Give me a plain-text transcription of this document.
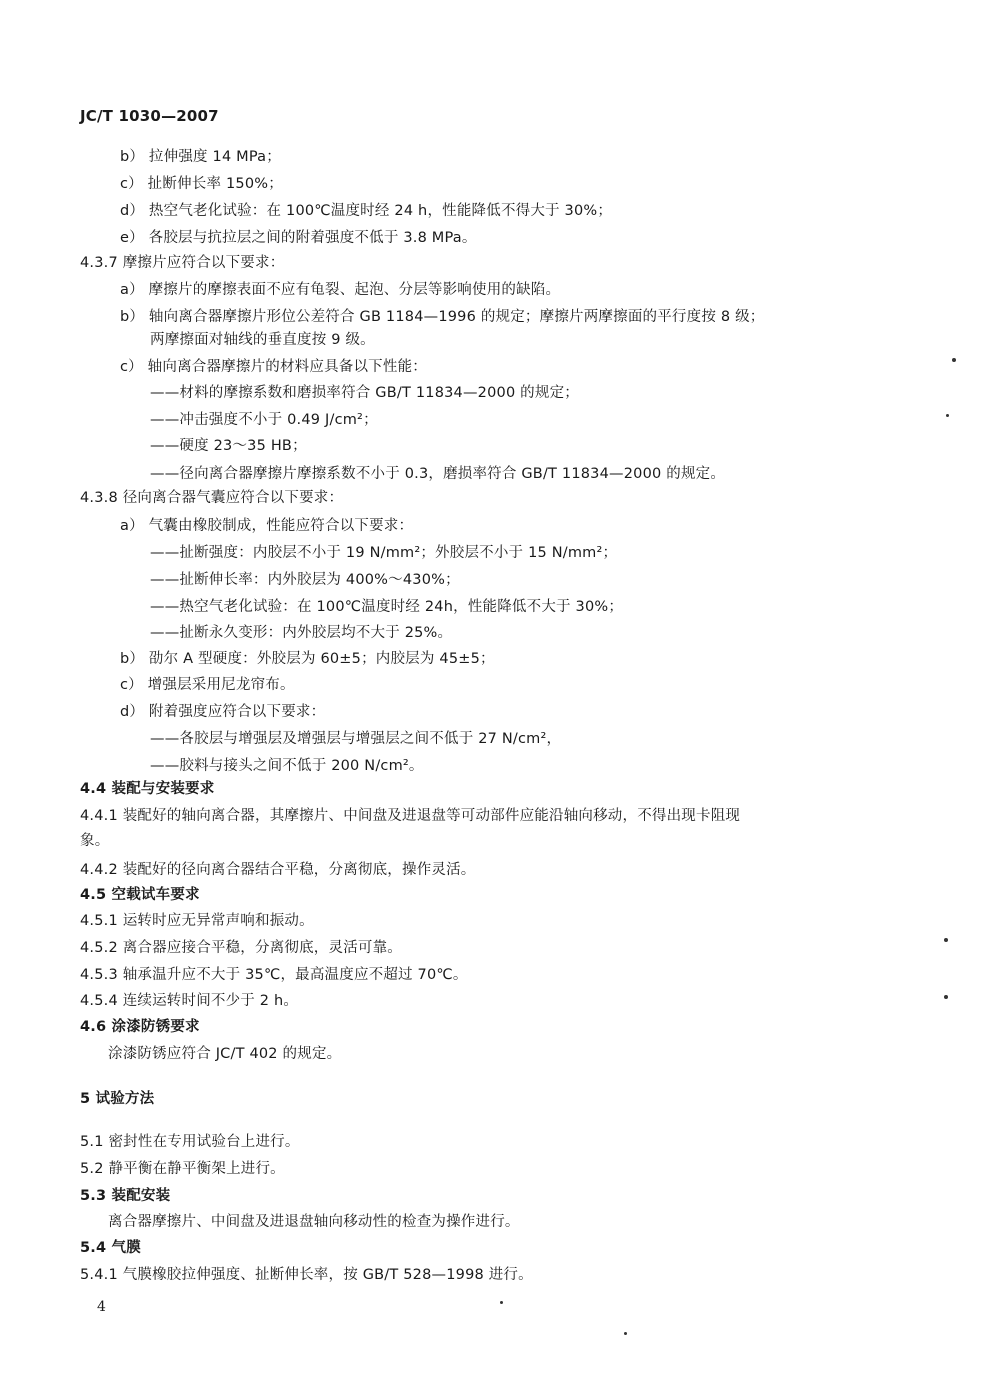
JC/T 1030—2007
b） 拉伸强度 14 MPa；
c） 扯断伸长率 150%；
d） 热空气老化试验：在 100℃温度时经 24 h，性能降低不得大于 30%；
e） 各胶层与抗拉层之间的附着强度不低于 3.8 MPa。
4.3.7 摩擦片应符合以下要求：
a） 摩擦片的摩擦表面不应有龟裂、起泡、分层等影响使用的缺陷。
b） 轴向离合器摩擦片形位公差符合 GB 1184—1996 的规定；摩擦片两摩擦面的平行度按 8 级；
两摩擦面对轴线的垂直度按 9 级。
c） 轴向离合器摩擦片的材料应具备以下性能：
——材料的摩擦系数和磨损率符合 GB/T 11834—2000 的规定；
——冲击强度不小于 0.49 J/cm²；
——硬度 23～35 HB；
——径向离合器摩擦片摩擦系数不小于 0.3，磨损率符合 GB/T 11834—2000 的规定。
4.3.8 径向离合器气囊应符合以下要求：
a） 气囊由橡胶制成，性能应符合以下要求：
——扯断强度：内胶层不小于 19 N/mm²；外胶层不小于 15 N/mm²；
——扯断伸长率：内外胶层为 400%～430%；
——热空气老化试验：在 100℃温度时经 24h，性能降低不大于 30%；
——扯断永久变形：内外胶层均不大于 25%。
b） 劭尔 A 型硬度：外胶层为 60±5；内胶层为 45±5；
c） 增强层采用尼龙帘布。
d） 附着强度应符合以下要求：
——各胶层与增强层及增强层与增强层之间不低于 27 N/cm²，
——胶料与接头之间不低于 200 N/cm²。
4.4 装配与安装要求
4.4.1 装配好的轴向离合器，其摩擦片、中间盘及进退盘等可动部件应能沿轴向移动，不得出现卡阻现
象。
4.4.2 装配好的径向离合器结合平稳，分离彻底，操作灵活。
4.5 空载试车要求
4.5.1 运转时应无异常声响和振动。
4.5.2 离合器应接合平稳，分离彻底，灵活可靠。
4.5.3 轴承温升应不大于 35℃，最高温度应不超过 70℃。
4.5.4 连续运转时间不少于 2 h。
4.6 涂漆防锈要求
涂漆防锈应符合 JC/T 402 的规定。
5 试验方法
5.1 密封性在专用试验台上进行。
5.2 静平衡在静平衡架上进行。
5.3 装配安装
离合器摩擦片、中间盘及进退盘轴向移动性的检查为操作进行。
5.4 气膜
5.4.1 气膜橡胶拉伸强度、扯断伸长率，按 GB/T 528—1998 进行。
4
